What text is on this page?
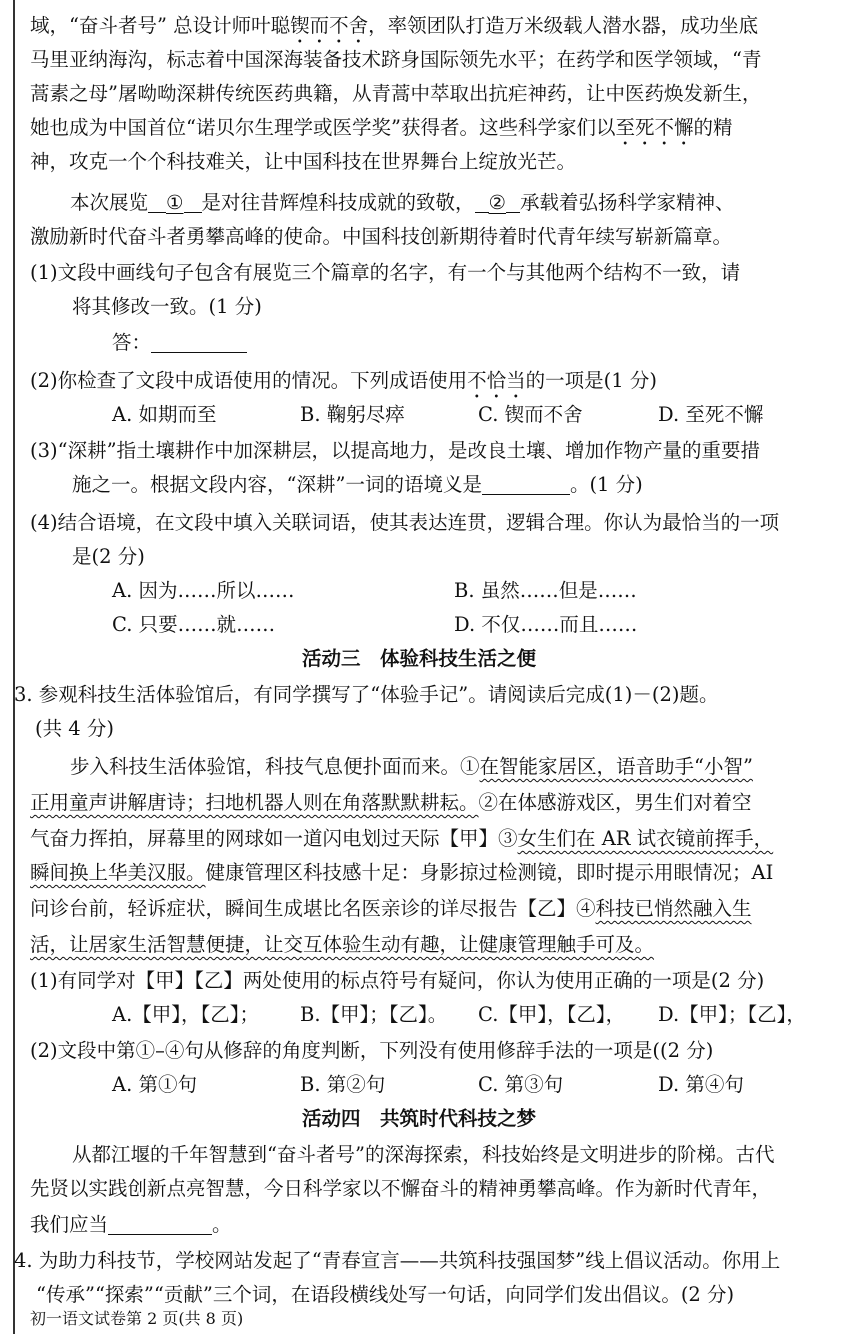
域，“奋斗者号” 总设计师叶聪锲而不舍，率领团队打造万米级载人潜水器，成功坐底
马里亚纳海沟，标志着中国深海装备技术跻身国际领先水平；在药学和医学领域，“青
蒿素之母”屠呦呦深耕传统医药典籍，从青蒿中萃取出抗疟神药，让中医药焕发新生，
她也成为中国首位“诺贝尔生理学或医学奖”获得者。这些科学家们以至死不懈的精
神，攻克一个个科技难关，让中国科技在世界舞台上绽放光芒。
本次展览 ① 是对往昔辉煌科技成就的致敬， ② 承载着弘扬科学家精神、
激励新时代奋斗者勇攀高峰的使命。中国科技创新期待着时代青年续写崭新篇章。
(1)文段中画线句子包含有展览三个篇章的名字，有一个与其他两个结构不一致，请
将其修改一致。(1 分)
答：
(2)你检查了文段中成语使用的情况。下列成语使用不恰当的一项是(1 分)
A. 如期而至	B. 鞠躬尽瘁	C. 锲而不舍	D. 至死不懈
(3)“深耕”指土壤耕作中加深耕层，以提高地力，是改良土壤、增加作物产量的重要措
施之一。根据文段内容，“深耕”一词的语境义是	。(1 分)
(4)结合语境，在文段中填入关联词语，使其表达连贯，逻辑合理。你认为最恰当的一项
是(2 分)
A. 因为……所以……	B. 虽然……但是……
C. 只要……就……	D. 不仅……而且……
活动三　体验科技生活之便
3. 参观科技生活体验馆后，有同学撰写了“体验手记”。请阅读后完成(1)－(2)题。
(共 4 分)
步入科技生活体验馆，科技气息便扑面而来。①在智能家居区，语音助手“小智”
正用童声讲解唐诗；扫地机器人则在角落默默耕耘。②在体感游戏区，男生们对着空
气奋力挥拍，屏幕里的网球如一道闪电划过天际【甲】③女生们在 AR 试衣镜前挥手，
瞬间换上华美汉服。健康管理区科技感十足：身影掠过检测镜，即时提示用眼情况；AI
问诊台前，轻诉症状，瞬间生成堪比名医亲诊的详尽报告【乙】④科技已悄然融入生
活，让居家生活智慧便捷，让交互体验生动有趣，让健康管理触手可及。
(1)有同学对【甲】【乙】两处使用的标点符号有疑问，你认为使用正确的一项是(2 分)
A.【甲】，【乙】； B.【甲】；【乙】。 C.【甲】，【乙】， D.【甲】；【乙】，
(2)文段中第①–④句从修辞的角度判断，下列没有使用修辞手法的一项是((2 分)
A. 第①句	B. 第②句	C. 第③句	D. 第④句
活动四　共筑时代科技之梦
从都江堰的千年智慧到“奋斗者号”的深海探索，科技始终是文明进步的阶梯。古代
先贤以实践创新点亮智慧，今日科学家以不懈奋斗的精神勇攀高峰。作为新时代青年，
我们应当	。
4. 为助力科技节，学校网站发起了“青春宣言——共筑科技强国梦”线上倡议活动。你用上
“传承”“探索”“贡献”三个词，在语段横线处写一句话，向同学们发出倡议。(2 分)
初一语文试卷第 2 页(共 8 页)
